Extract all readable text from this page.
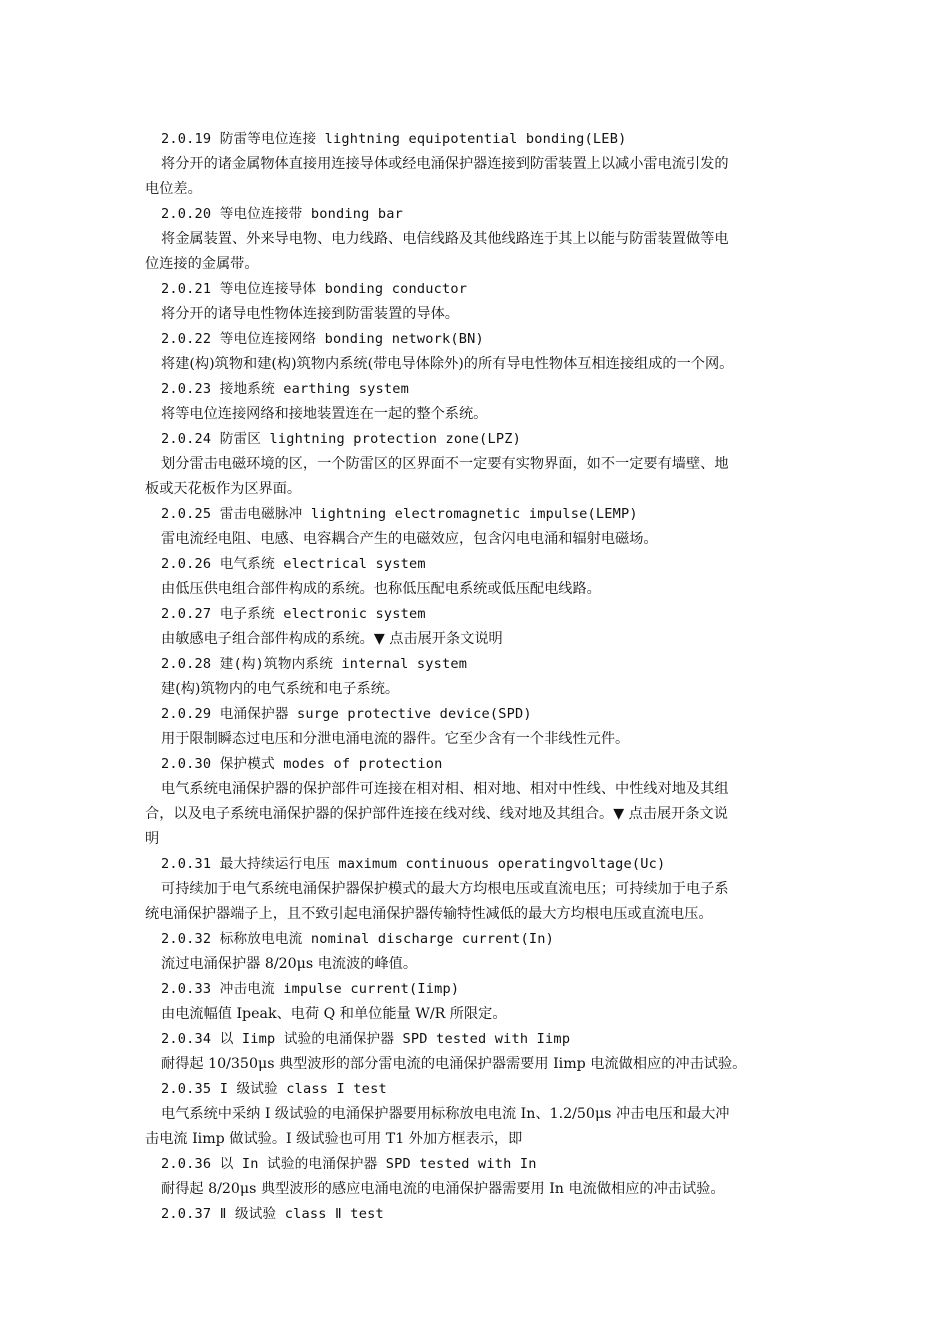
2.0.19 防雷等电位连接 lightning equipotential bonding(LEB)
将分开的诸金属物体直接用连接导体或经电涌保护器连接到防雷装置上以减小雷电流引发的
电位差。
2.0.20 等电位连接带 bonding bar
将金属装置、外来导电物、电力线路、电信线路及其他线路连于其上以能与防雷装置做等电
位连接的金属带。
2.0.21 等电位连接导体 bonding conductor
将分开的诸导电性物体连接到防雷装置的导体。
2.0.22 等电位连接网络 bonding network(BN)
将建(构)筑物和建(构)筑物内系统(带电导体除外)的所有导电性物体互相连接组成的一个网。
2.0.23 接地系统 earthing system
将等电位连接网络和接地装置连在一起的整个系统。
2.0.24 防雷区 lightning protection zone(LPZ)
划分雷击电磁环境的区，一个防雷区的区界面不一定要有实物界面，如不一定要有墙壁、地
板或天花板作为区界面。
2.0.25 雷击电磁脉冲 lightning electromagnetic impulse(LEMP)
雷电流经电阻、电感、电容耦合产生的电磁效应，包含闪电电涌和辐射电磁场。
2.0.26 电气系统 electrical system
由低压供电组合部件构成的系统。也称低压配电系统或低压配电线路。
2.0.27 电子系统 electronic system
由敏感电子组合部件构成的系统。▼ 点击展开条文说明
2.0.28 建(构)筑物内系统 internal system
建(构)筑物内的电气系统和电子系统。
2.0.29 电涌保护器 surge protective device(SPD)
用于限制瞬态过电压和分泄电涌电流的器件。它至少含有一个非线性元件。
2.0.30 保护模式 modes of protection
电气系统电涌保护器的保护部件可连接在相对相、相对地、相对中性线、中性线对地及其组
合，以及电子系统电涌保护器的保护部件连接在线对线、线对地及其组合。▼ 点击展开条文说
明
2.0.31 最大持续运行电压 maximum continuous operatingvoltage(Uc)
可持续加于电气系统电涌保护器保护模式的最大方均根电压或直流电压；可持续加于电子系
统电涌保护器端子上，且不致引起电涌保护器传输特性减低的最大方均根电压或直流电压。
2.0.32 标称放电电流 nominal discharge current(In)
流过电涌保护器 8/20μs 电流波的峰值。
2.0.33 冲击电流 impulse current(Iimp)
由电流幅值 Ipeak、电荷 Q 和单位能量 W/R 所限定。
2.0.34 以 Iimp 试验的电涌保护器 SPD tested with Iimp
耐得起 10/350μs 典型波形的部分雷电流的电涌保护器需要用 Iimp 电流做相应的冲击试验。
2.0.35 I 级试验 class I test
电气系统中采纳 I 级试验的电涌保护器要用标称放电电流 In、1.2/50μs 冲击电压和最大冲
击电流 Iimp 做试验。I 级试验也可用 T1 外加方框表示，即
2.0.36 以 In 试验的电涌保护器 SPD tested with In
耐得起 8/20μs 典型波形的感应电涌电流的电涌保护器需要用 In 电流做相应的冲击试验。
2.0.37 Ⅱ 级试验 class Ⅱ test
